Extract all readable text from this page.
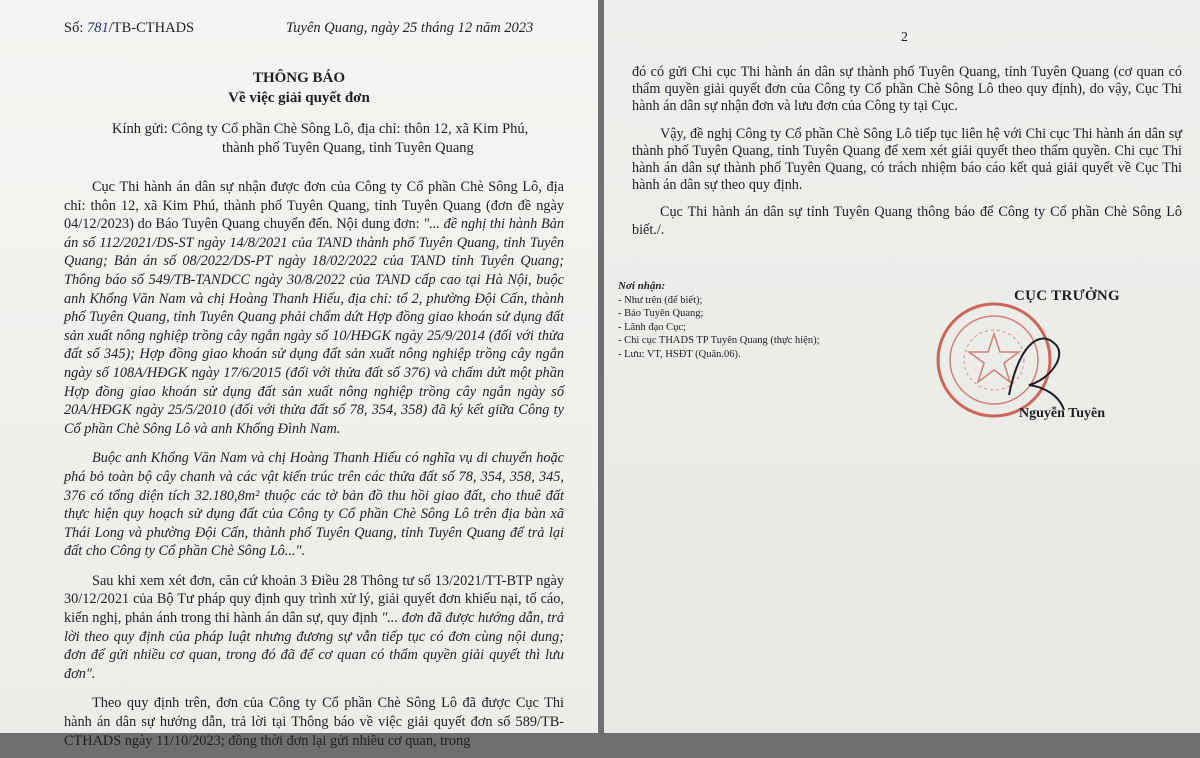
Số: 781/TB-CTHADS	Tuyên Quang, ngày 25 tháng 12 năm 2023
THÔNG BÁO
Về việc giải quyết đơn
Kính gửi: Công ty Cổ phần Chè Sông Lô, địa chỉ: thôn 12, xã Kim Phú,
thành phố Tuyên Quang, tỉnh Tuyên Quang

Cục Thi hành án dân sự nhận được đơn của Công ty Cổ phần Chè Sông Lô, địa chỉ: thôn 12, xã Kim Phú, thành phố Tuyên Quang, tỉnh Tuyên Quang (đơn đề ngày 04/12/2023) do Báo Tuyên Quang chuyển đến. Nội dung đơn: "... đề nghị thi hành Bản án số 112/2021/DS-ST ngày 14/8/2021 của TAND thành phố Tuyên Quang, tỉnh Tuyên Quang; Bản án số 08/2022/DS-PT ngày 18/02/2022 của TAND tỉnh Tuyên Quang; Thông báo số 549/TB-TANDCC ngày 30/8/2022 của TAND cấp cao tại Hà Nội, buộc anh Khổng Văn Nam và chị Hoàng Thanh Hiếu, địa chỉ: tổ 2, phường Đội Cấn, thành phố Tuyên Quang, tỉnh Tuyên Quang phải chấm dứt Hợp đồng giao khoán sử dụng đất sản xuất nông nghiệp trồng cây ngắn ngày số 10/HĐGK ngày 25/9/2014 (đối với thửa đất số 345); Hợp đồng giao khoán sử dụng đất sản xuất nông nghiệp trồng cây ngắn ngày số 108A/HĐGK ngày 17/6/2015 (đối với thửa đất số 376) và chấm dứt một phần Hợp đồng giao khoán sử dụng đất sản xuất nông nghiệp trồng cây ngắn ngày số 20A/HĐGK ngày 25/5/2010 (đối với thửa đất số 78, 354, 358) đã ký kết giữa Công ty Cổ phần Chè Sông Lô và anh Khổng Đình Nam.

Buộc anh Khổng Văn Nam và chị Hoàng Thanh Hiếu có nghĩa vụ di chuyển hoặc phá bỏ toàn bộ cây chanh và các vật kiến trúc trên các thửa đất số 78, 354, 358, 345, 376 có tổng diện tích 32.180,8m² thuộc các tờ bản đồ thu hồi giao đất, cho thuê đất thực hiện quy hoạch sử dụng đất của Công ty Cổ phần Chè Sông Lô trên địa bàn xã Thái Long và phường Đội Cấn, thành phố Tuyên Quang, tỉnh Tuyên Quang để trả lại đất cho Công ty Cổ phần Chè Sông Lô...".

Sau khi xem xét đơn, căn cứ khoản 3 Điều 28 Thông tư số 13/2021/TT-BTP ngày 30/12/2021 của Bộ Tư pháp quy định quy trình xử lý, giải quyết đơn khiếu nại, tố cáo, kiến nghị, phản ánh trong thi hành án dân sự, quy định "... đơn đã được hướng dẫn, trả lời theo quy định của pháp luật nhưng đương sự vẫn tiếp tục có đơn cùng nội dung; đơn để gửi nhiều cơ quan, trong đó đã để cơ quan có thẩm quyền giải quyết thì lưu đơn".

Theo quy định trên, đơn của Công ty Cổ phần Chè Sông Lô đã được Cục Thi hành án dân sự hướng dẫn, trả lời tại Thông báo về việc giải quyết đơn số 589/TB-CTHADS ngày 11/10/2023; đồng thời đơn lại gửi nhiều cơ quan, trong

2

đó có gửi Chi cục Thi hành án dân sự thành phố Tuyên Quang, tỉnh Tuyên Quang (cơ quan có thẩm quyền giải quyết đơn của Công ty Cổ phần Chè Sông Lô theo quy định), do vậy, Cục Thi hành án dân sự nhận đơn và lưu đơn của Công ty tại Cục.

Vậy, đề nghị Công ty Cổ phần Chè Sông Lô tiếp tục liên hệ với Chi cục Thi hành án dân sự thành phố Tuyên Quang, tỉnh Tuyên Quang để xem xét giải quyết theo thẩm quyền. Chi cục Thi hành án dân sự thành phố Tuyên Quang, có trách nhiệm báo cáo kết quả giải quyết về Cục Thi hành án dân sự theo quy định.

Cục Thi hành án dân sự tỉnh Tuyên Quang thông báo để Công ty Cổ phần Chè Sông Lô biết./.

Nơi nhận:
- Như trên (để biết);
- Báo Tuyên Quang;
- Lãnh đạo Cục;
- Chi cục THADS TP Tuyên Quang (thực hiện);
- Lưu: VT, HSĐT (Quân.06).
CỤC TRƯỞNG
Nguyễn Tuyên
